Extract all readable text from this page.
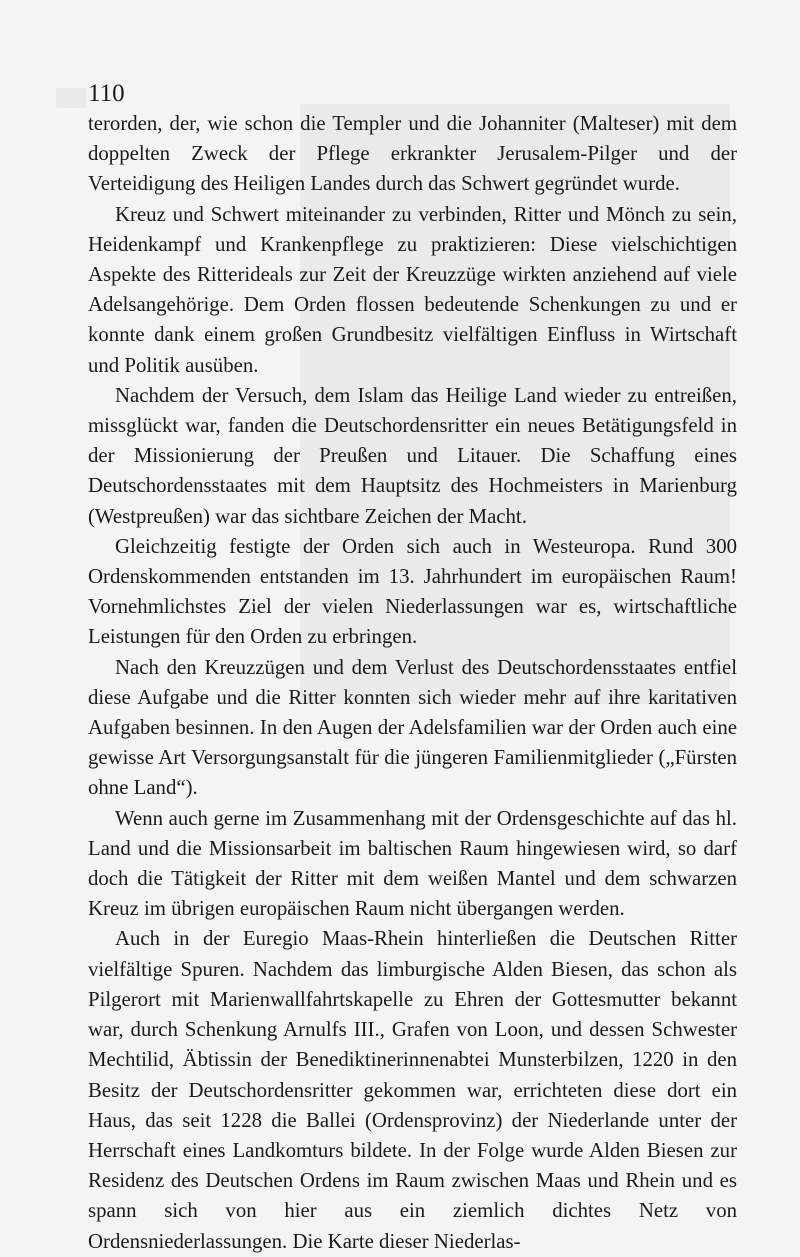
110

terorden, der, wie schon die Templer und die Johanniter (Malteser) mit dem doppelten Zweck der Pflege erkrankter Jerusalem-Pilger und der Verteidigung des Heiligen Landes durch das Schwert gegründet wurde.

Kreuz und Schwert miteinander zu verbinden, Ritter und Mönch zu sein, Heidenkampf und Krankenpflege zu praktizieren: Diese vielschichtigen Aspekte des Ritterideals zur Zeit der Kreuzzüge wirkten anziehend auf viele Adelsangehörige. Dem Orden flossen bedeutende Schenkungen zu und er konnte dank einem großen Grundbesitz vielfältigen Einfluss in Wirtschaft und Politik ausüben.

Nachdem der Versuch, dem Islam das Heilige Land wieder zu entreißen, missglückt war, fanden die Deutschordensritter ein neues Betätigungsfeld in der Missionierung der Preußen und Litauer. Die Schaffung eines Deutschordensstaates mit dem Hauptsitz des Hochmeisters in Marienburg (Westpreußen) war das sichtbare Zeichen der Macht.

Gleichzeitig festigte der Orden sich auch in Westeuropa. Rund 300 Ordenskommenden entstanden im 13. Jahrhundert im europäischen Raum! Vornehmlichstes Ziel der vielen Niederlassungen war es, wirtschaftliche Leistungen für den Orden zu erbringen.

Nach den Kreuzzügen und dem Verlust des Deutschordensstaates entfiel diese Aufgabe und die Ritter konnten sich wieder mehr auf ihre karitativen Aufgaben besinnen. In den Augen der Adelsfamilien war der Orden auch eine gewisse Art Versorgungsanstalt für die jüngeren Familienmitglieder („Fürsten ohne Land“).

Wenn auch gerne im Zusammenhang mit der Ordensgeschichte auf das hl. Land und die Missionsarbeit im baltischen Raum hingewiesen wird, so darf doch die Tätigkeit der Ritter mit dem weißen Mantel und dem schwarzen Kreuz im übrigen europäischen Raum nicht übergangen werden.

Auch in der Euregio Maas-Rhein hinterließen die Deutschen Ritter vielfältige Spuren. Nachdem das limburgische Alden Biesen, das schon als Pilgerort mit Marienwallfahrtskapelle zu Ehren der Gottesmutter bekannt war, durch Schenkung Arnulfs III., Grafen von Loon, und dessen Schwester Mechtilid, Äbtissin der Benediktinerinnenabtei Munsterbilzen, 1220 in den Besitz der Deutschordensritter gekommen war, errichteten diese dort ein Haus, das seit 1228 die Ballei (Ordensprovinz) der Niederlande unter der Herrschaft eines Landkomturs bildete. In der Folge wurde Alden Biesen zur Residenz des Deutschen Ordens im Raum zwischen Maas und Rhein und es spann sich von hier aus ein ziemlich dichtes Netz von Ordensniederlassungen. Die Karte dieser Niederlas-
